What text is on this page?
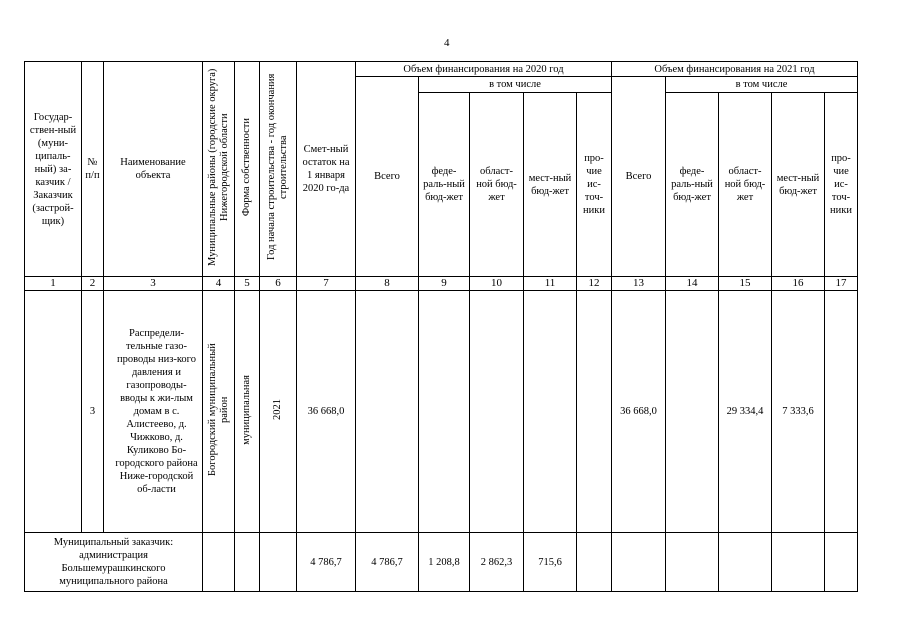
4
Государ-ствен-ный (муни-ципаль-ный) за-казчик / Заказчик (застрой-щик)	№ п/п	Наименование объекта	Муниципальные районы (городские округа) Нижегородской области	Форма собственности	Год начала строительства - год окончания строительства	Смет-ный остаток на 1 января 2020 го-да	Объем финансирования на 2020 год					Объем финансирования на 2021 год				
							Всего	в том числе				Всего	в том числе			
								феде-раль-ный бюд-жет	област-ной бюд-жет	мест-ный бюд-жет	про-чие ис-точ-ники		феде-раль-ный бюд-жет	област-ной бюд-жет	мест-ный бюд-жет	про-чие ис-точ-ники
1	2	3	4	5	6	7	8	9	10	11	12	13	14	15	16	17
	3	Распредели-тельные газо-проводы низ-кого давления и газопроводы-вводы к жи-лым домам в с. Алистеево, д. Чижково, д. Куликово Бо-городского района Ниже-городской об-ласти	Богородский муниципальный район	муниципальная	2021	36 668,0						36 668,0		29 334,4	7 333,6	
Муниципальный заказчик: администрация Большемурашкинского муниципального района						4 786,7	4 786,7	1 208,8	2 862,3	715,6						
